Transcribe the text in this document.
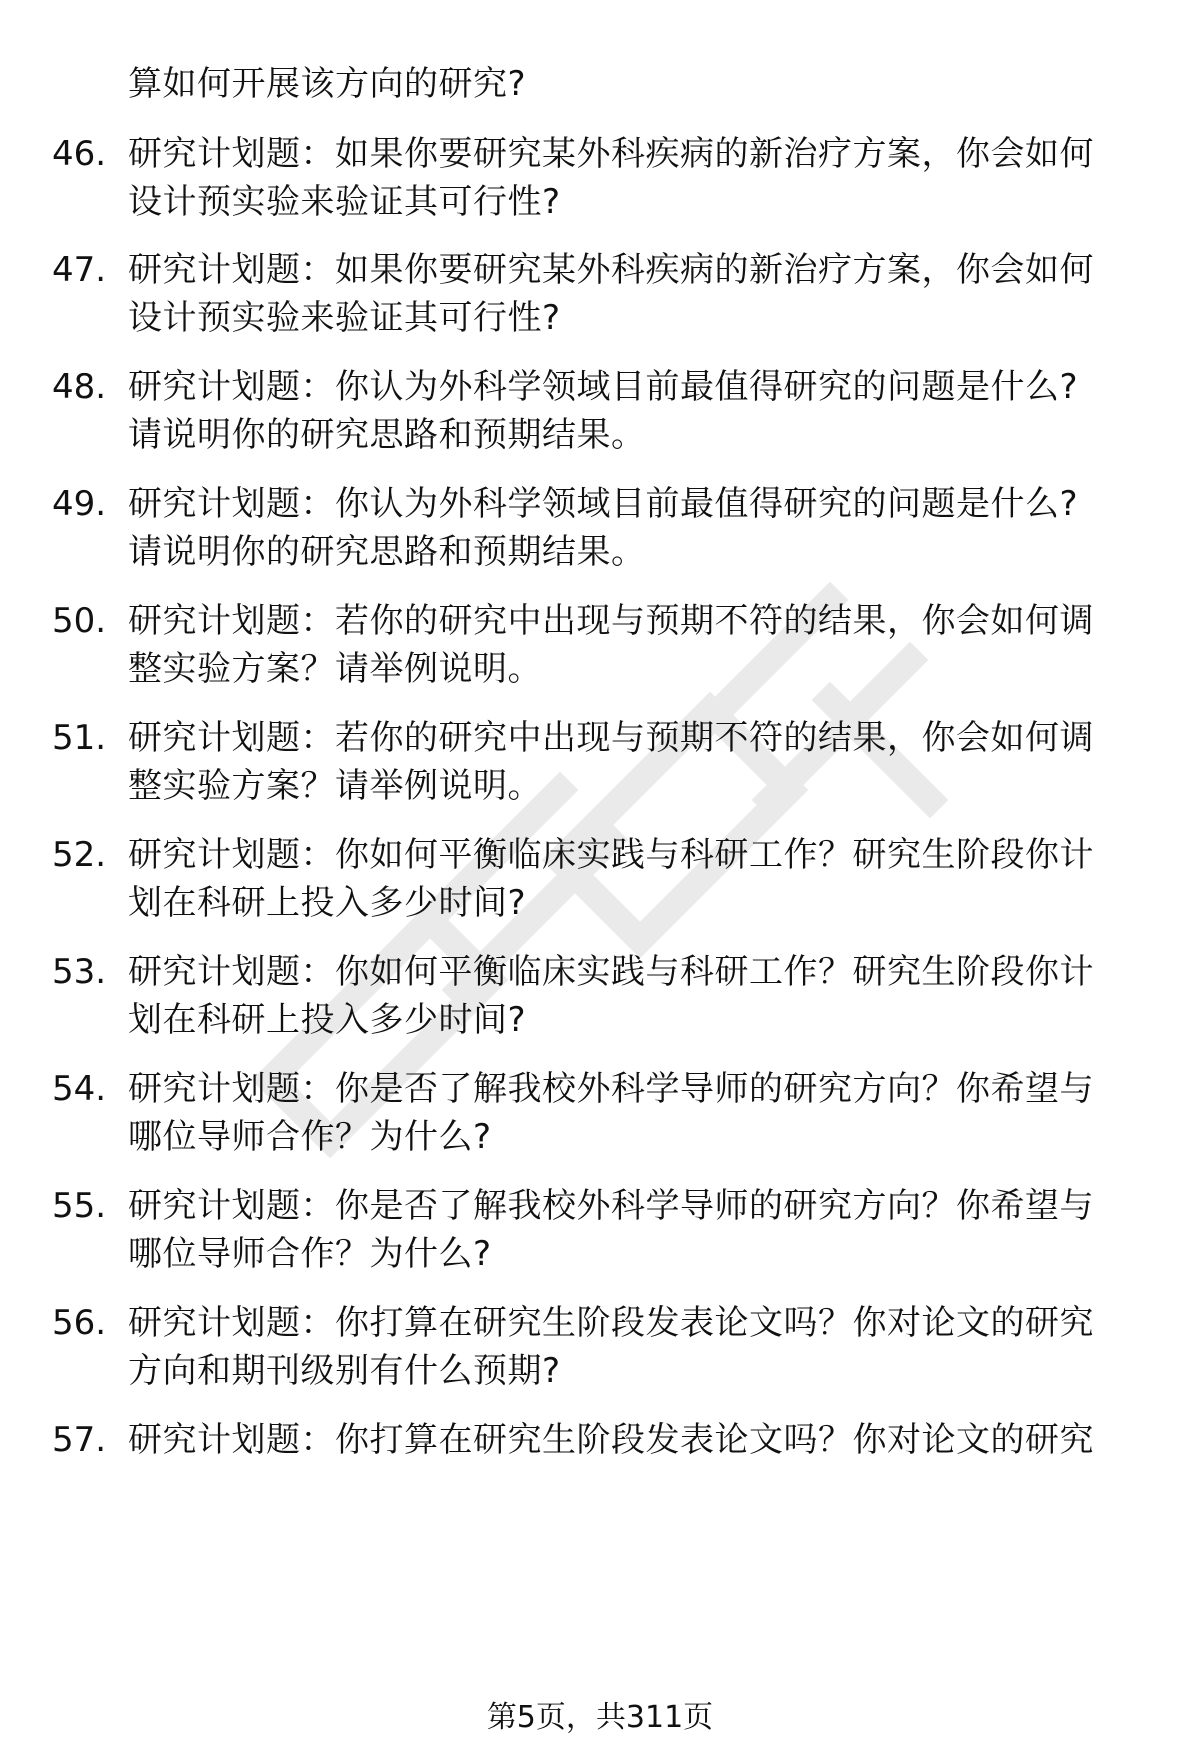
算如何开展该方向的研究?
46. 研究计划题：如果你要研究某外科疾病的新治疗方案，你会如何
设计预实验来验证其可行性?
47. 研究计划题：如果你要研究某外科疾病的新治疗方案，你会如何
设计预实验来验证其可行性?
48. 研究计划题：你认为外科学领域目前最值得研究的问题是什么?
请说明你的研究思路和预期结果。
49. 研究计划题：你认为外科学领域目前最值得研究的问题是什么?
请说明你的研究思路和预期结果。
50. 研究计划题：若你的研究中出现与预期不符的结果，你会如何调
整实验方案？请举例说明。
51. 研究计划题：若你的研究中出现与预期不符的结果，你会如何调
整实验方案？请举例说明。
52. 研究计划题：你如何平衡临床实践与科研工作？研究生阶段你计
划在科研上投入多少时间?
53. 研究计划题：你如何平衡临床实践与科研工作？研究生阶段你计
划在科研上投入多少时间?
54. 研究计划题：你是否了解我校外科学导师的研究方向？你希望与
哪位导师合作？为什么?
55. 研究计划题：你是否了解我校外科学导师的研究方向？你希望与
哪位导师合作？为什么?
56. 研究计划题：你打算在研究生阶段发表论文吗？你对论文的研究
方向和期刊级别有什么预期?
57. 研究计划题：你打算在研究生阶段发表论文吗？你对论文的研究
第5页，共311页
